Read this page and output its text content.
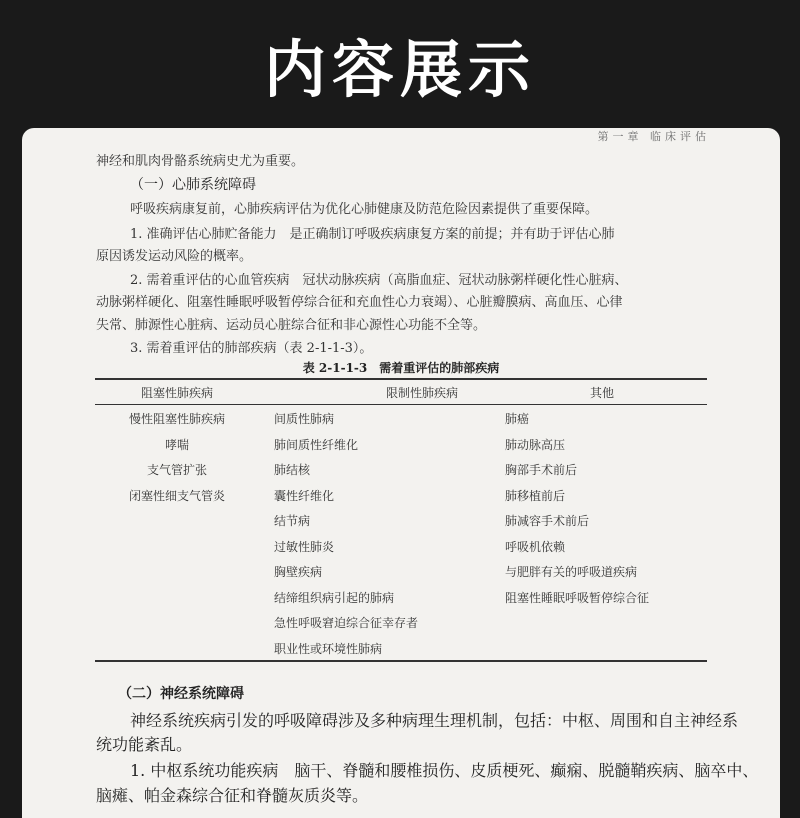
内容展示
第一章 临床评估
神经和肌肉骨骼系统病史尤为重要。
（一）心肺系统障碍
呼吸疾病康复前，心肺疾病评估为优化心肺健康及防范危险因素提供了重要保障。
1. 准确评估心肺贮备能力　是正确制订呼吸疾病康复方案的前提；并有助于评估心肺
原因诱发运动风险的概率。
2. 需着重评估的心血管疾病　冠状动脉疾病（高脂血症、冠状动脉粥样硬化性心脏病、
动脉粥样硬化、阻塞性睡眠呼吸暂停综合征和充血性心力衰竭）、心脏瓣膜病、高血压、心律
失常、肺源性心脏病、运动员心脏综合征和非心源性心功能不全等。
3. 需着重评估的肺部疾病（表 2-1-1-3）。
表 2-1-1-3　需着重评估的肺部疾病
阻塞性肺疾病	限制性肺疾病	其他
慢性阻塞性肺疾病
哮喘
支气管扩张
闭塞性细支气管炎
间质性肺病
肺间质性纤维化
肺结核
囊性纤维化
结节病
过敏性肺炎
胸壁疾病
结缔组织病引起的肺病
急性呼吸窘迫综合征幸存者
职业性或环境性肺病
肺癌
肺动脉高压
胸部手术前后
肺移植前后
肺减容手术前后
呼吸机依赖
与肥胖有关的呼吸道疾病
阻塞性睡眠呼吸暂停综合征
（二）神经系统障碍
神经系统疾病引发的呼吸障碍涉及多种病理生理机制，包括：中枢、周围和自主神经系
统功能紊乱。
1. 中枢系统功能疾病　脑干、脊髓和腰椎损伤、皮质梗死、癫痫、脱髓鞘疾病、脑卒中、
脑瘫、帕金森综合征和脊髓灰质炎等。
